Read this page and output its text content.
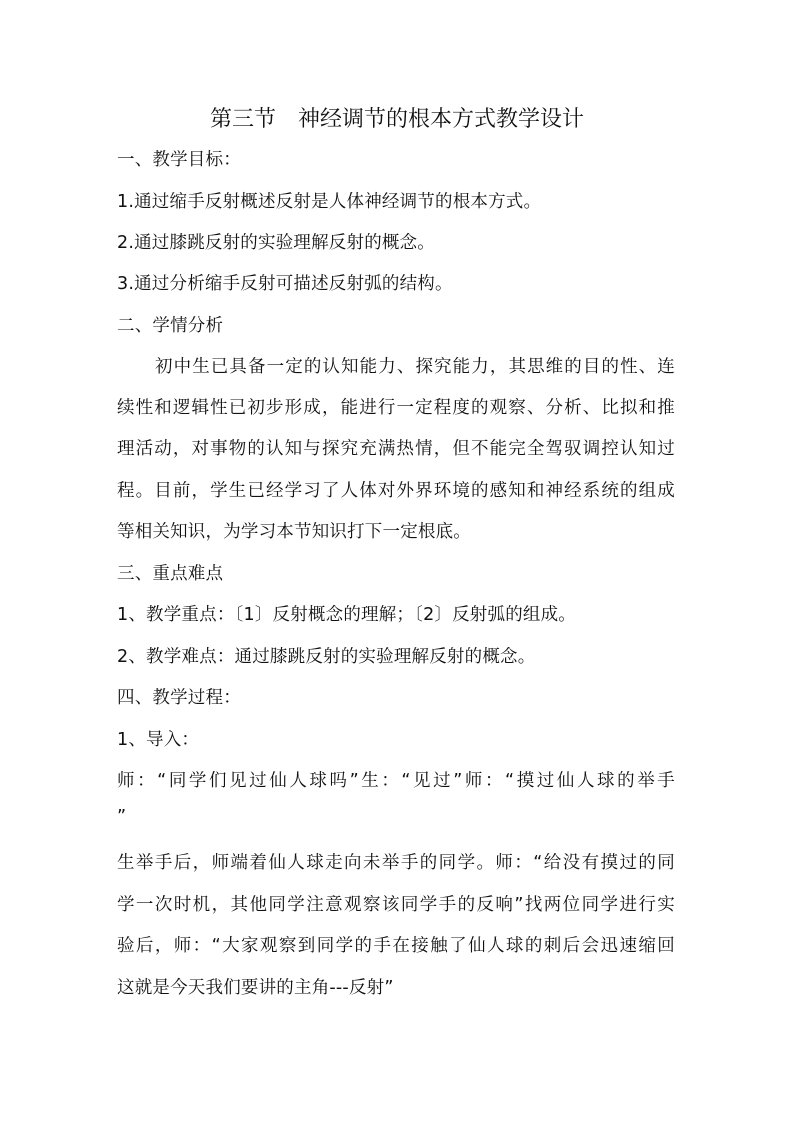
第三节　神经调节的根本方式教学设计
一、教学目标：
1.通过缩手反射概述反射是人体神经调节的根本方式。
2.通过膝跳反射的实验理解反射的概念。
3.通过分析缩手反射可描述反射弧的结构。
二、学情分析
初中生已具备一定的认知能力、探究能力，其思维的目的性、连
续性和逻辑性已初步形成，能进行一定程度的观察、分析、比拟和推
理活动，对事物的认知与探究充满热情，但不能完全驾驭调控认知过
程。目前，学生已经学习了人体对外界环境的感知和神经系统的组成
等相关知识，为学习本节知识打下一定根底。
三、重点难点
1、教学重点：〔1〕反射概念的理解；〔2〕反射弧的组成。
2、教学难点：通过膝跳反射的实验理解反射的概念。
四、教学过程：
1、导入：
师：“同学们见过仙人球吗”生：“见过”师：“摸过仙人球的举手
”
生举手后，师端着仙人球走向未举手的同学。师：“给没有摸过的同
学一次时机，其他同学注意观察该同学手的反响”找两位同学进行实
验后，师：“大家观察到同学的手在接触了仙人球的刺后会迅速缩回
这就是今天我们要讲的主角---反射”
